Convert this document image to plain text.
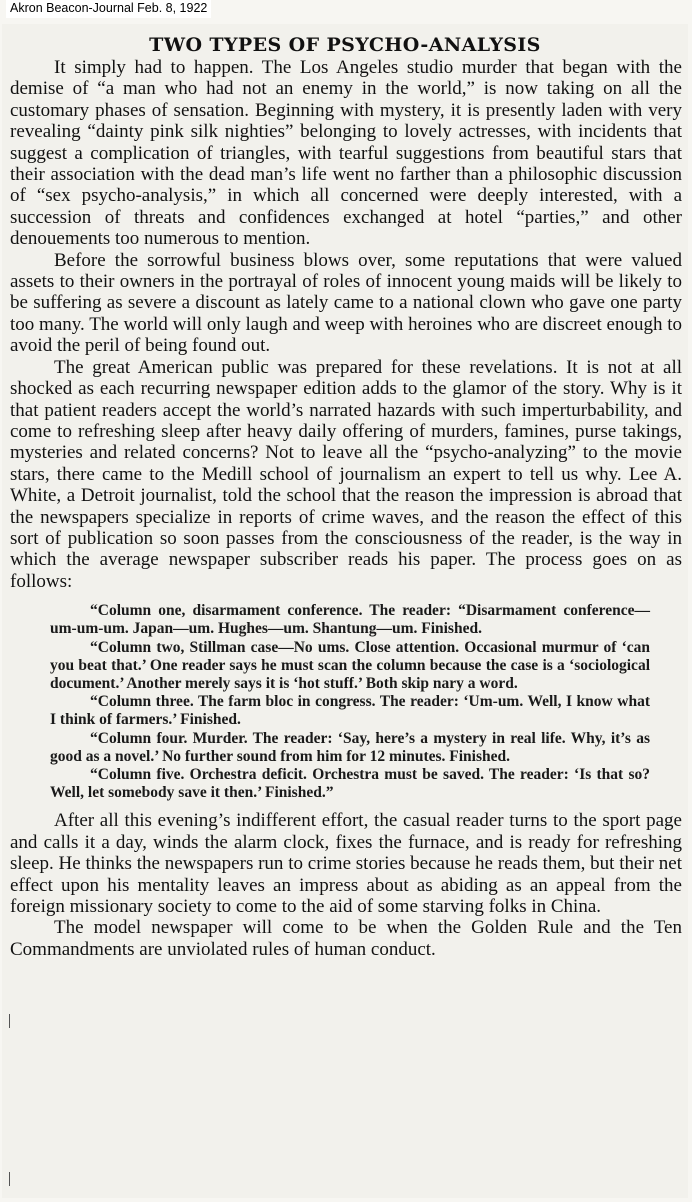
Akron Beacon-Journal Feb. 8, 1922
TWO TYPES OF PSYCHO-ANALYSIS

It simply had to happen. The Los Angeles studio murder that began with the demise of “a man who had not an enemy in the world,” is now taking on all the customary phases of sensation. Beginning with mystery, it is presently laden with very revealing “dainty pink silk nighties” belonging to lovely actresses, with incidents that suggest a complication of triangles, with tearful suggestions from beautiful stars that their association with the dead man’s life went no farther than a philosophic discussion of “sex psycho-analysis,” in which all concerned were deeply interested, with a succession of threats and confidences exchanged at hotel “parties,” and other denouements too numerous to mention.

Before the sorrowful business blows over, some reputations that were valued assets to their owners in the portrayal of roles of innocent young maids will be likely to be suffering as severe a discount as lately came to a national clown who gave one party too many. The world will only laugh and weep with heroines who are discreet enough to avoid the peril of being found out.

The great American public was prepared for these revelations. It is not at all shocked as each recurring newspaper edition adds to the glamor of the story. Why is it that patient readers accept the world’s narrated hazards with such imperturbability, and come to refreshing sleep after heavy daily offering of murders, famines, purse takings, mysteries and related concerns? Not to leave all the “psycho-analyzing” to the movie stars, there came to the Medill school of journalism an expert to tell us why. Lee A. White, a Detroit journalist, told the school that the reason the impression is abroad that the newspapers specialize in reports of crime waves, and the reason the effect of this sort of publication so soon passes from the consciousness of the reader, is the way in which the average newspaper subscriber reads his paper. The process goes on as follows:

“Column one, disarmament conference. The reader: “Disarmament conference—um-um-um. Japan—um. Hughes—um. Shantung—um. Finished.

“Column two, Stillman case—No ums. Close attention. Occasional murmur of ‘can you beat that.’ One reader says he must scan the column because the case is a ‘sociological document.’ Another merely says it is ‘hot stuff.’ Both skip nary a word.

“Column three. The farm bloc in congress. The reader: ‘Um-um. Well, I know what I think of farmers.’ Finished.

“Column four. Murder. The reader: ‘Say, here’s a mystery in real life. Why, it’s as good as a novel.’ No further sound from him for 12 minutes. Finished.

“Column five. Orchestra deficit. Orchestra must be saved. The reader: ‘Is that so? Well, let somebody save it then.’ Finished.”

After all this evening’s indifferent effort, the casual reader turns to the sport page and calls it a day, winds the alarm clock, fixes the furnace, and is ready for refreshing sleep. He thinks the newspapers run to crime stories because he reads them, but their net effect upon his mentality leaves an impress about as abiding as an appeal from the foreign missionary society to come to the aid of some starving folks in China.

The model newspaper will come to be when the Golden Rule and the Ten Commandments are unviolated rules of human conduct.
